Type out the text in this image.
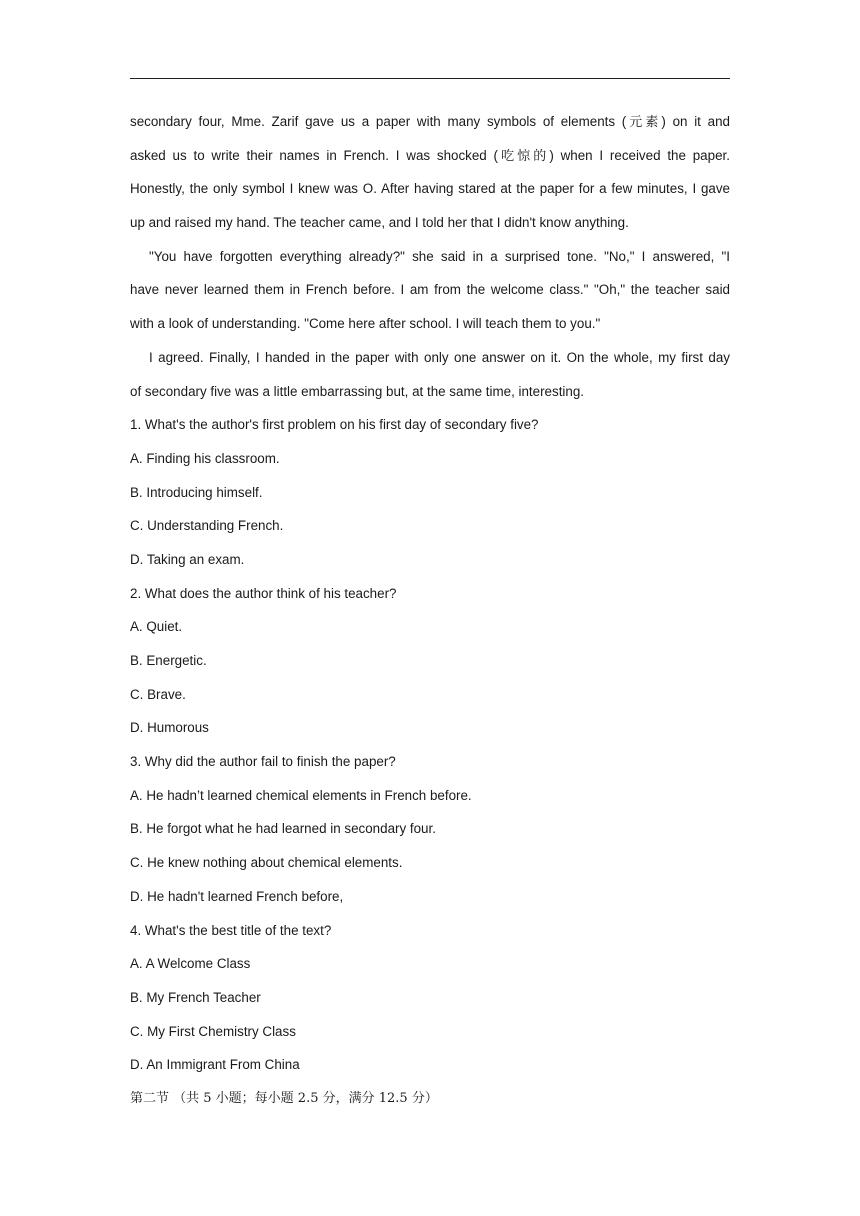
secondary four, Mme. Zarif gave us a paper with many symbols of elements (元素) on it and
asked us to write their names in French. I was shocked (吃惊的) when I received the paper.
Honestly, the only symbol I knew was O. After having stared at the paper for a few minutes, I gave
up and raised my hand. The teacher came, and I told her that I didn't know anything.
"You have forgotten everything already?" she said in a surprised tone. "No," I answered, "I
have never learned them in French before. I am from the welcome class." "Oh," the teacher said
with a look of understanding. "Come here after school. I will teach them to you."
I agreed. Finally, I handed in the paper with only one answer on it. On the whole, my first day
of secondary five was a little embarrassing but, at the same time, interesting.
1. What's the author's first problem on his first day of secondary five?
A. Finding his classroom.
B. Introducing himself.
C. Understanding French.
D. Taking an exam.
2. What does the author think of his teacher?
A. Quiet.
B. Energetic.
C. Brave.
D. Humorous
3. Why did the author fail to finish the paper?
A. He hadn’t learned chemical elements in French before.
B. He forgot what he had learned in secondary four.
C. He knew nothing about chemical elements.
D. He hadn't learned French before,
4. What's the best title of the text?
A. A Welcome Class
B. My French Teacher
C. My First Chemistry Class
D. An Immigrant From China
第二节 （共 5 小题；每小题 2.5 分，满分 12.5 分）
